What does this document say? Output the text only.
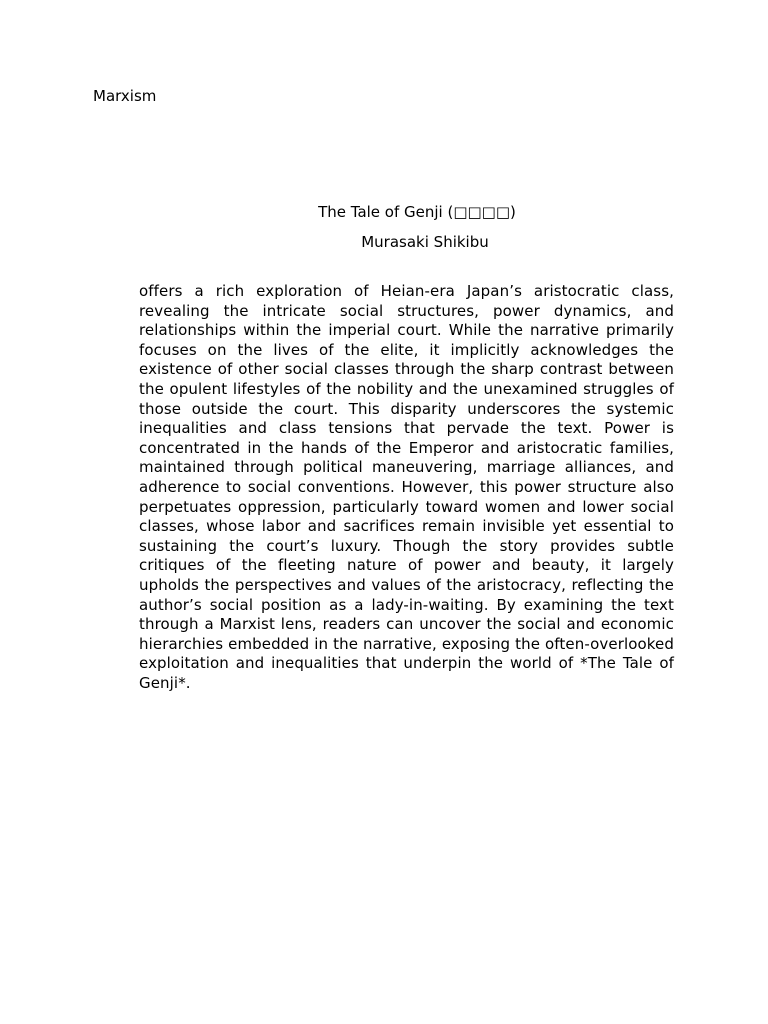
Marxism
The Tale of Genji (□□□□)
Murasaki Shikibu

offers a rich exploration of Heian-era Japan’s aristocratic class, revealing the intricate social structures, power dynamics, and relationships within the imperial court. While the narrative primarily focuses on the lives of the elite, it implicitly acknowledges the existence of other social classes through the sharp contrast between the opulent lifestyles of the nobility and the unexamined struggles of those outside the court. This disparity underscores the systemic inequalities and class tensions that pervade the text. Power is concentrated in the hands of the Emperor and aristocratic families, maintained through political maneuvering, marriage alliances, and adherence to social conventions. However, this power structure also perpetuates oppression, particularly toward women and lower social classes, whose labor and sacrifices remain invisible yet essential to sustaining the court’s luxury. Though the story provides subtle critiques of the fleeting nature of power and beauty, it largely upholds the perspectives and values of the aristocracy, reflecting the author’s social position as a lady-in-waiting. By examining the text through a Marxist lens, readers can uncover the social and economic hierarchies embedded in the narrative, exposing the often-overlooked exploitation and inequalities that underpin the world of *The Tale of Genji*.
